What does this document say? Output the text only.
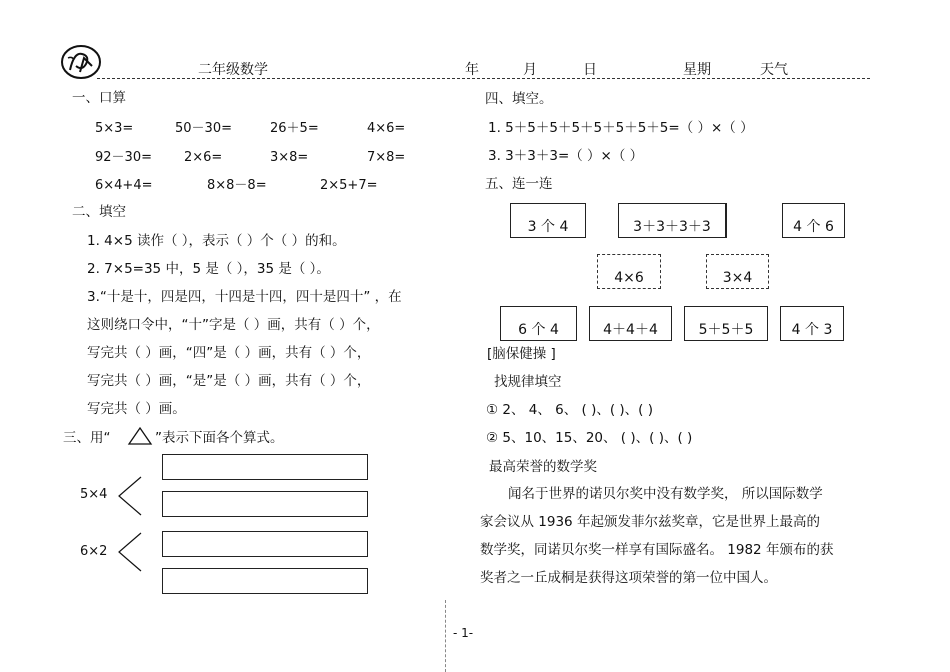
二年级数学	年	月	日	星期	天气
一、口算
5×3=	50－30=	26＋5=	4×6=
92－30= 2×6=	3×8=	7×8=
6×4+4=	8×8－8=	2×5+7=
二、填空
1. 4×5 读作（ ），表示（ ）个（ ）的和。
2. 7×5=35 中，5 是（ ），35 是（ ）。
3.“十是十，四是四，十四是十四，四十是四十” ，在
这则绕口令中，“十”字是（ ）画，共有（ ）个，
写完共（ ）画，“四”是（ ）画，共有（ ）个，
写完共（ ）画，“是”是（ ）画，共有（ ）个，
写完共（ ）画。
三、用“	”表示下面各个算式。
5×4
6×2
四、填空。
1. 5＋5＋5＋5＋5＋5＋5＋5=（ ）×（ ）
3. 3＋3＋3=（ ）×（ ）
五、连一连
3 个 4	3＋3＋3＋3	4 个 6
4×6	3×4
6 个 4	4＋4＋4	5＋5＋5	4 个 3
[脑保健操 ]
找规律填空
① 2、 4、 6、 ( )、( )、( )
② 5、10、15、20、 ( )、( )、( )
最高荣誉的数学奖
闻名于世界的诺贝尔奖中没有数学奖， 所以国际数学
家会议从 1936 年起颁发菲尔兹奖章，它是世界上最高的
数学奖，同诺贝尔奖一样享有国际盛名。 1982 年颁布的获
奖者之一丘成桐是获得这项荣誉的第一位中国人。
- 1-
